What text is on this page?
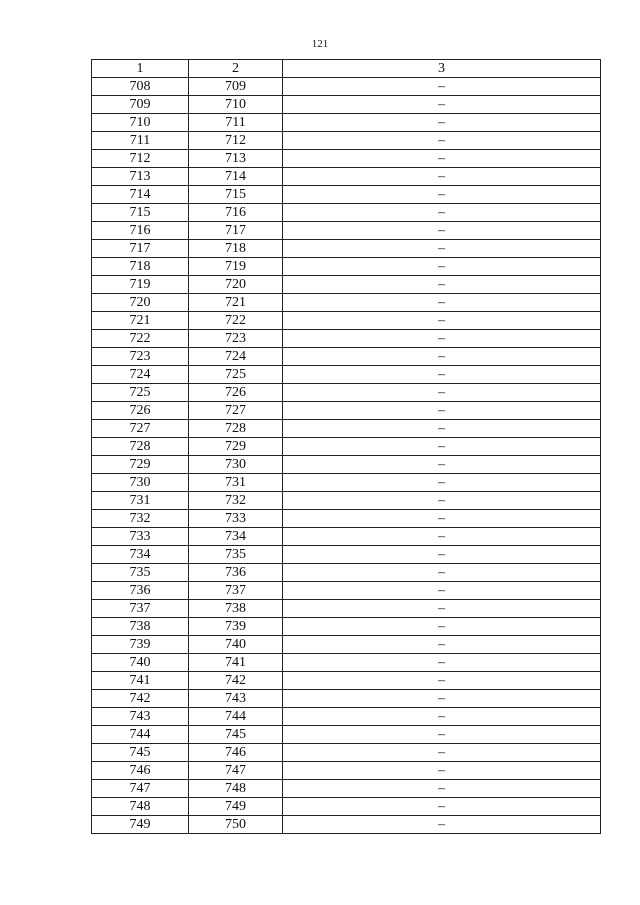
121
1	2	3
708	709	–
709	710	–
710	711	–
711	712	–
712	713	–
713	714	–
714	715	–
715	716	–
716	717	–
717	718	–
718	719	–
719	720	–
720	721	–
721	722	–
722	723	–
723	724	–
724	725	–
725	726	–
726	727	–
727	728	–
728	729	–
729	730	–
730	731	–
731	732	–
732	733	–
733	734	–
734	735	–
735	736	–
736	737	–
737	738	–
738	739	–
739	740	–
740	741	–
741	742	–
742	743	–
743	744	–
744	745	–
745	746	–
746	747	–
747	748	–
748	749	–
749	750	–
